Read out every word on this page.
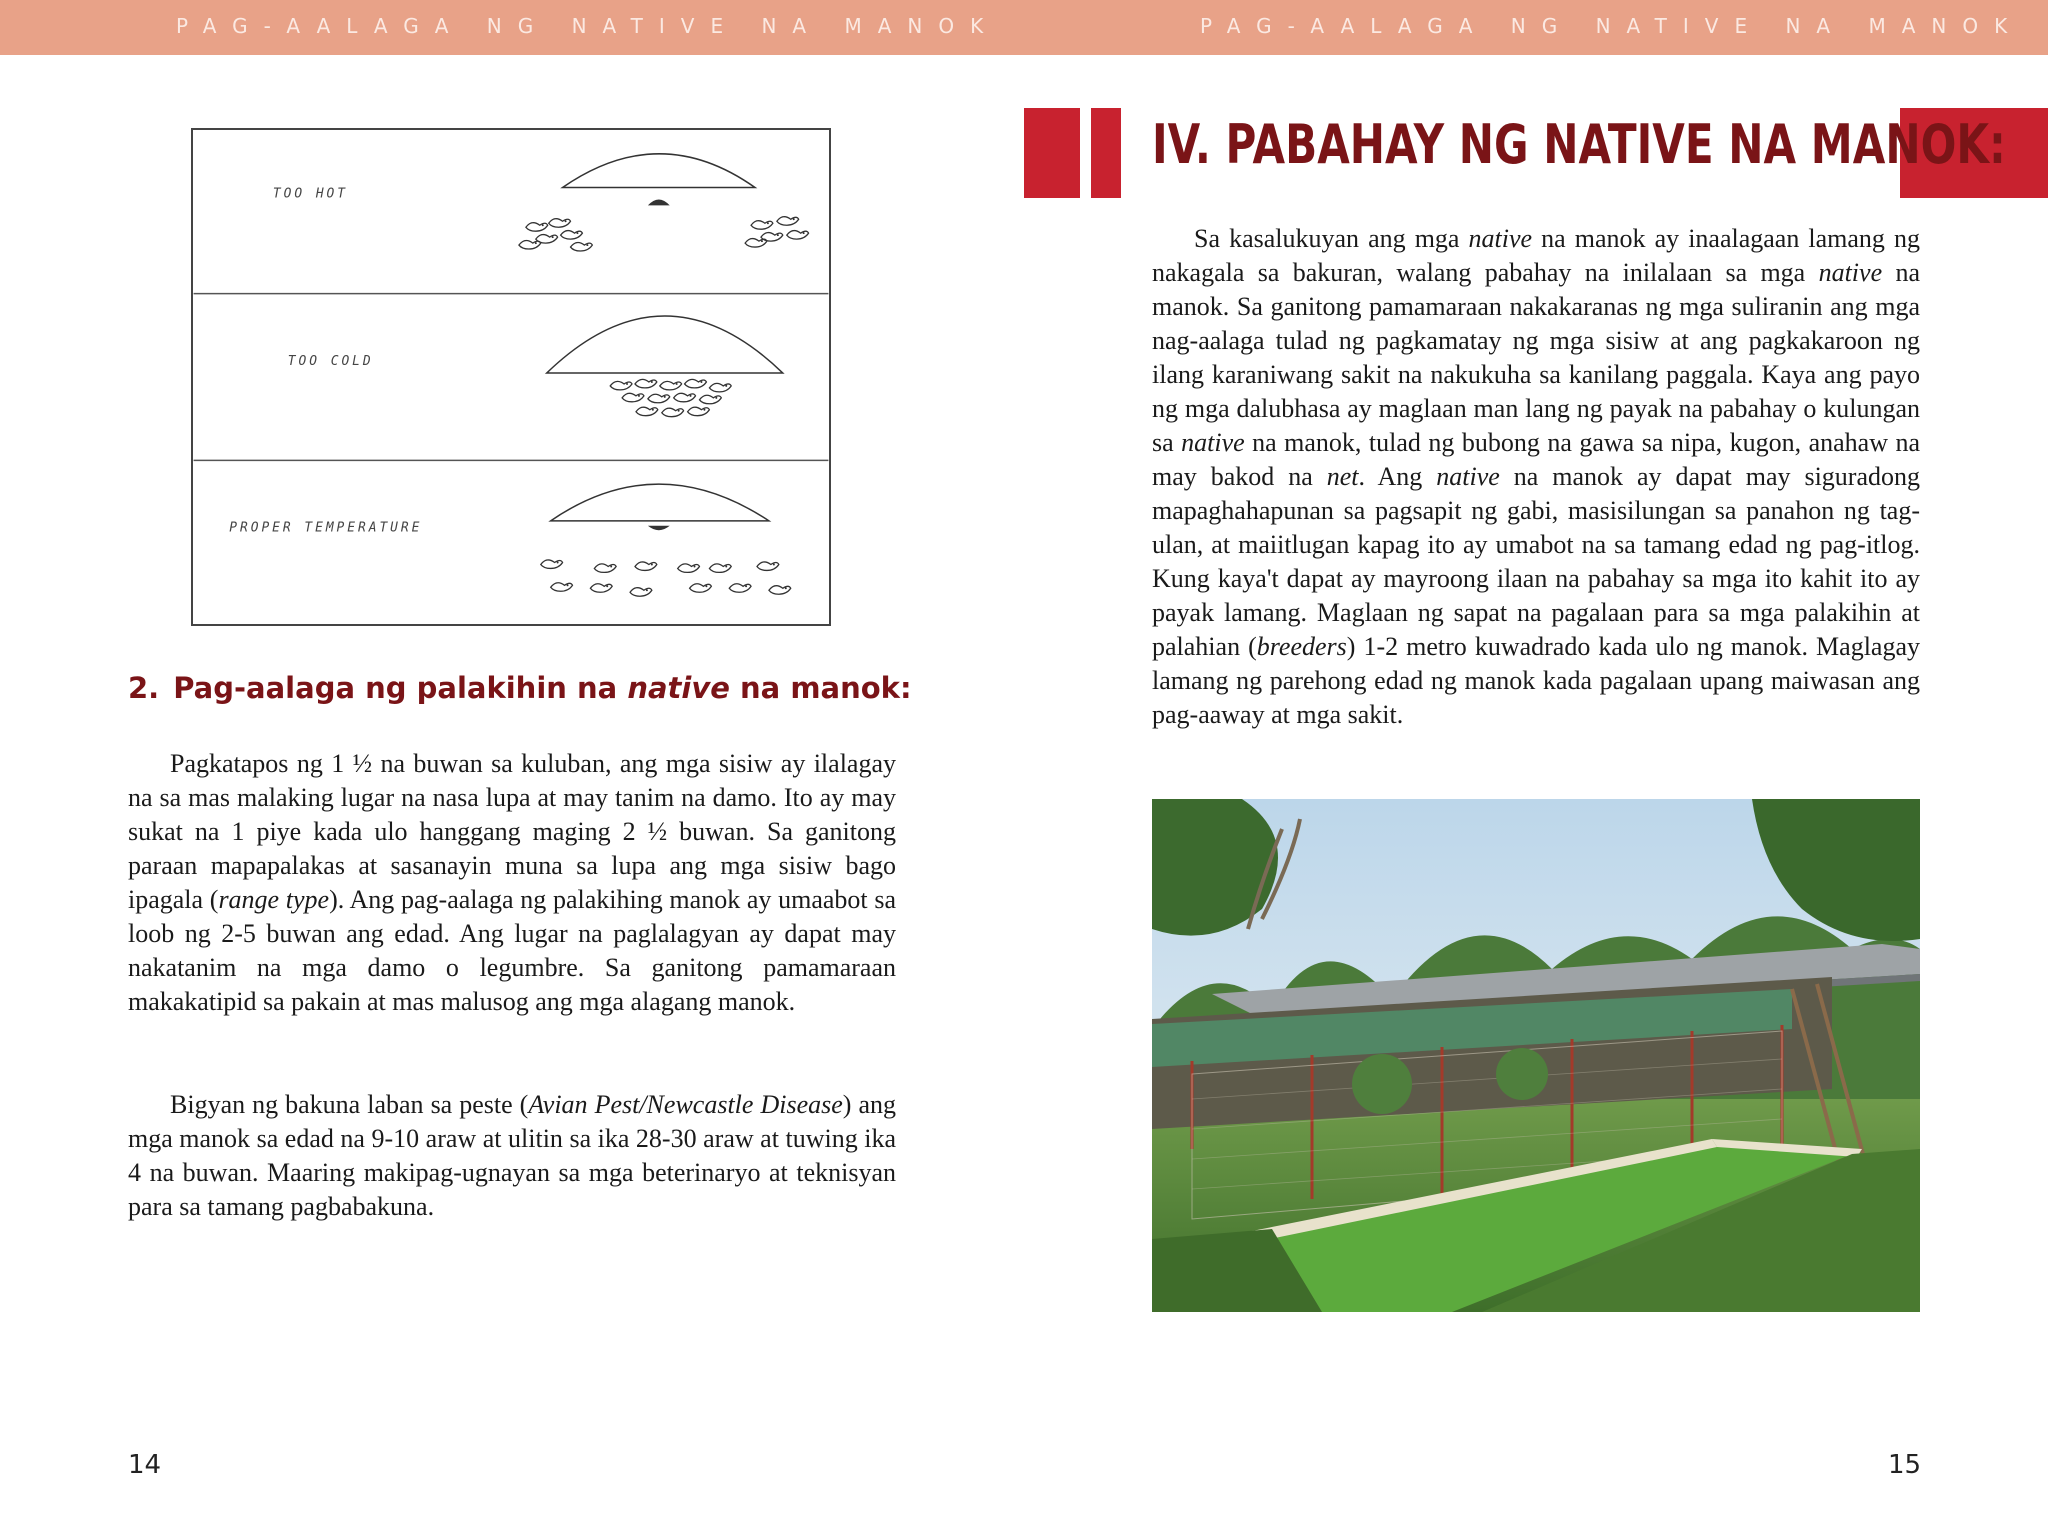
PAG-AALAGA NG NATIVE NA MANOK	PAG-AALAGA NG NATIVE NA MANOK
TOO HOT
TOO COLD
PROPER TEMPERATURE
2. Pag-aalaga ng palakihin na native na manok:

Pagkatapos ng 1 ½ na buwan sa kuluban, ang mga sisiw ay ilalagay na sa mas malaking lugar na nasa lupa at may tanim na damo. Ito ay may sukat na 1 piye kada ulo hanggang maging 2 ½ buwan. Sa ganitong paraan mapapalakas at sasanayin muna sa lupa ang mga sisiw bago ipagala (range type). Ang pag-aalaga ng palakihing manok ay umaabot sa loob ng 2-5 buwan ang edad. Ang lugar na paglalagyan ay dapat may nakatanim na mga damo o legumbre. Sa ganitong pamamaraan makakatipid sa pakain at mas malusog ang mga alagang manok.

Bigyan ng bakuna laban sa peste (Avian Pest/Newcastle Disease) ang mga manok sa edad na 9-10 araw at ulitin sa ika 28-30 araw at tuwing ika 4 na buwan. Maaring makipag-ugnayan sa mga beterinaryo at teknisyan para sa tamang pagbabakuna.

14
IV. PABAHAY NG NATIVE NA MANOK:

Sa kasalukuyan ang mga native na manok ay inaalagaan lamang ng nakagala sa bakuran, walang pabahay na inilalaan sa mga native na manok. Sa ganitong pamamaraan nakakaranas ng mga suliranin ang mga nag-aalaga tulad ng pagkamatay ng mga sisiw at ang pagkakaroon ng ilang karaniwang sakit na nakukuha sa kanilang paggala. Kaya ang payo ng mga dalubhasa ay maglaan man lang ng payak na pabahay o kulungan sa native na manok, tulad ng bubong na gawa sa nipa, kugon, anahaw na may bakod na net. Ang native na manok ay dapat may siguradong mapaghahapunan sa pagsapit ng gabi, masisilungan sa panahon ng tag-ulan, at maiitlugan kapag ito ay umabot na sa tamang edad ng pag-itlog. Kung kaya't dapat ay mayroong ilaan na pabahay sa mga ito kahit ito ay payak lamang. Maglaan ng sapat na pagalaan para sa mga palakihin at palahian (breeders) 1-2 metro kuwadrado kada ulo ng manok. Maglagay lamang ng parehong edad ng manok kada pagalaan upang maiwasan ang pag-aaway at mga sakit.

15
